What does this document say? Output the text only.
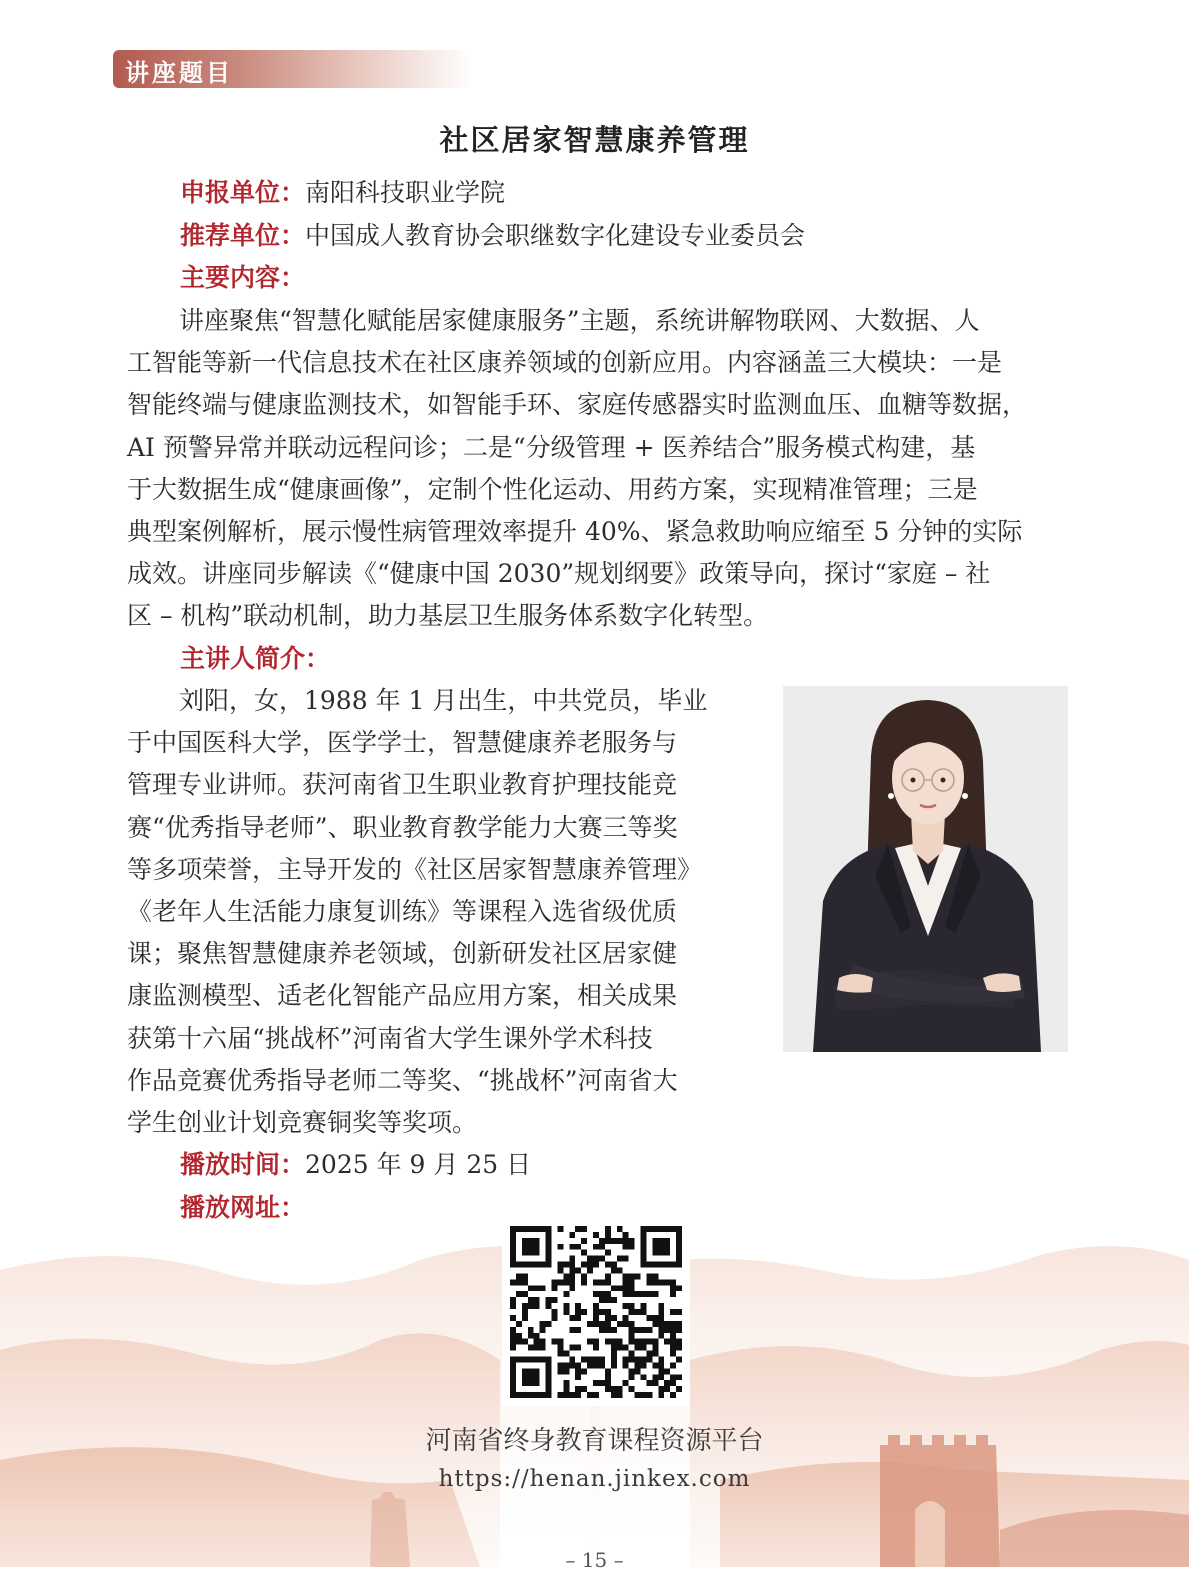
讲座题目
社区居家智慧康养管理
申报单位：南阳科技职业学院
推荐单位：中国成人教育协会职继数字化建设专业委员会
主要内容：
讲座聚焦“智慧化赋能居家健康服务”主题，系统讲解物联网、大数据、人
工智能等新一代信息技术在社区康养领域的创新应用。内容涵盖三大模块：一是
智能终端与健康监测技术，如智能手环、家庭传感器实时监测血压、血糖等数据，
AI 预警异常并联动远程问诊；二是“分级管理 + 医养结合”服务模式构建，基
于大数据生成“健康画像”，定制个性化运动、用药方案，实现精准管理；三是
典型案例解析，展示慢性病管理效率提升 40%、紧急救助响应缩至 5 分钟的实际
成效。讲座同步解读《“健康中国 2030”规划纲要》政策导向，探讨“家庭 – 社
区 – 机构”联动机制，助力基层卫生服务体系数字化转型。
主讲人简介：
刘阳，女，1988 年 1 月出生，中共党员，毕业
于中国医科大学，医学学士，智慧健康养老服务与
管理专业讲师。获河南省卫生职业教育护理技能竞
赛“优秀指导老师”、职业教育教学能力大赛三等奖
等多项荣誉，主导开发的《社区居家智慧康养管理》
《老年人生活能力康复训练》等课程入选省级优质
课；聚焦智慧健康养老领域，创新研发社区居家健
康监测模型、适老化智能产品应用方案，相关成果
获第十六届“挑战杯”河南省大学生课外学术科技
作品竞赛优秀指导老师二等奖、“挑战杯”河南省大
学生创业计划竞赛铜奖等奖项。
播放时间：2025 年 9 月 25 日
播放网址：
河南省终身教育课程资源平台
https://henan.jinkex.com
– 15 –
